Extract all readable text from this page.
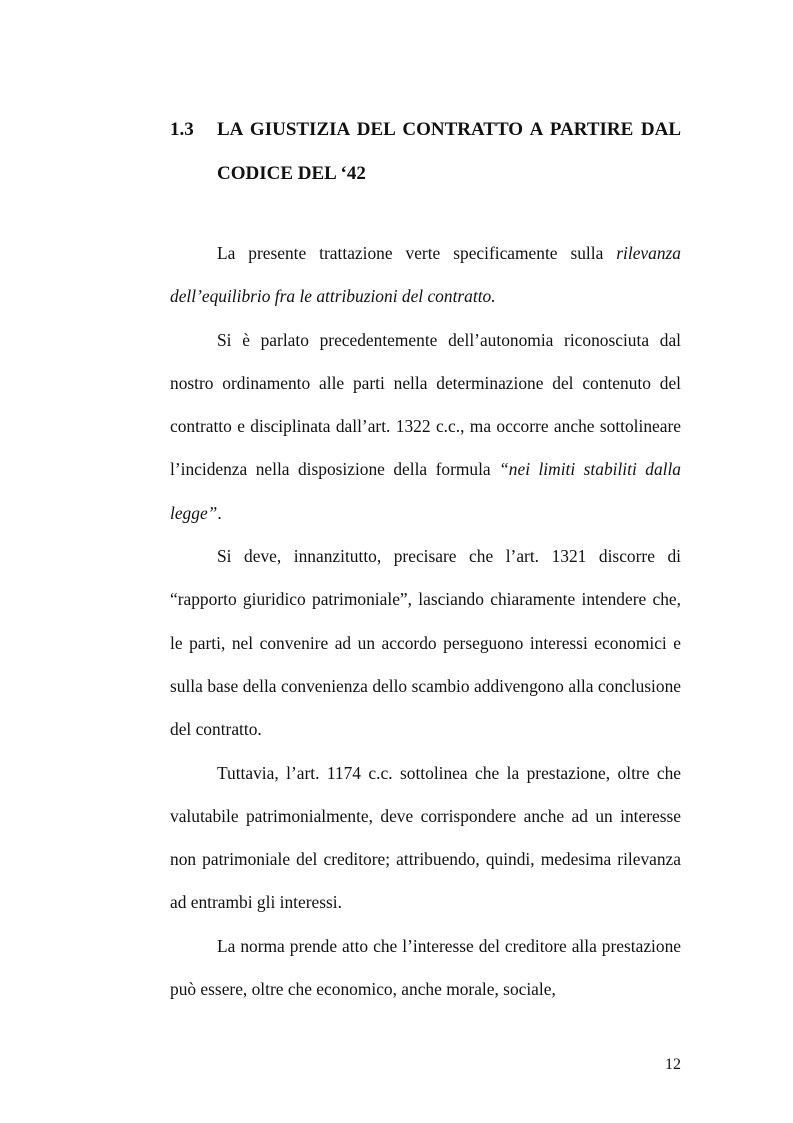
1.3 LA GIUSTIZIA DEL CONTRATTO A PARTIRE DAL
CODICE DEL ‘42

La presente trattazione verte specificamente sulla rilevanza dell’equilibrio fra le attribuzioni del contratto.

Si è parlato precedentemente dell’autonomia riconosciuta dal nostro ordinamento alle parti nella determinazione del contenuto del contratto e disciplinata dall’art. 1322 c.c., ma occorre anche sottolineare l’incidenza nella disposizione della formula “nei limiti stabiliti dalla legge”.

Si deve, innanzitutto, precisare che l’art. 1321 discorre di “rapporto giuridico patrimoniale”, lasciando chiaramente intendere che, le parti, nel convenire ad un accordo perseguono interessi economici e sulla base della convenienza dello scambio addivengono alla conclusione del contratto.

Tuttavia, l’art. 1174 c.c. sottolinea che la prestazione, oltre che valutabile patrimonialmente, deve corrispondere anche ad un interesse non patrimoniale del creditore; attribuendo, quindi, medesima rilevanza ad entrambi gli interessi.

La norma prende atto che l’interesse del creditore alla prestazione può essere, oltre che economico, anche morale, sociale,

12
